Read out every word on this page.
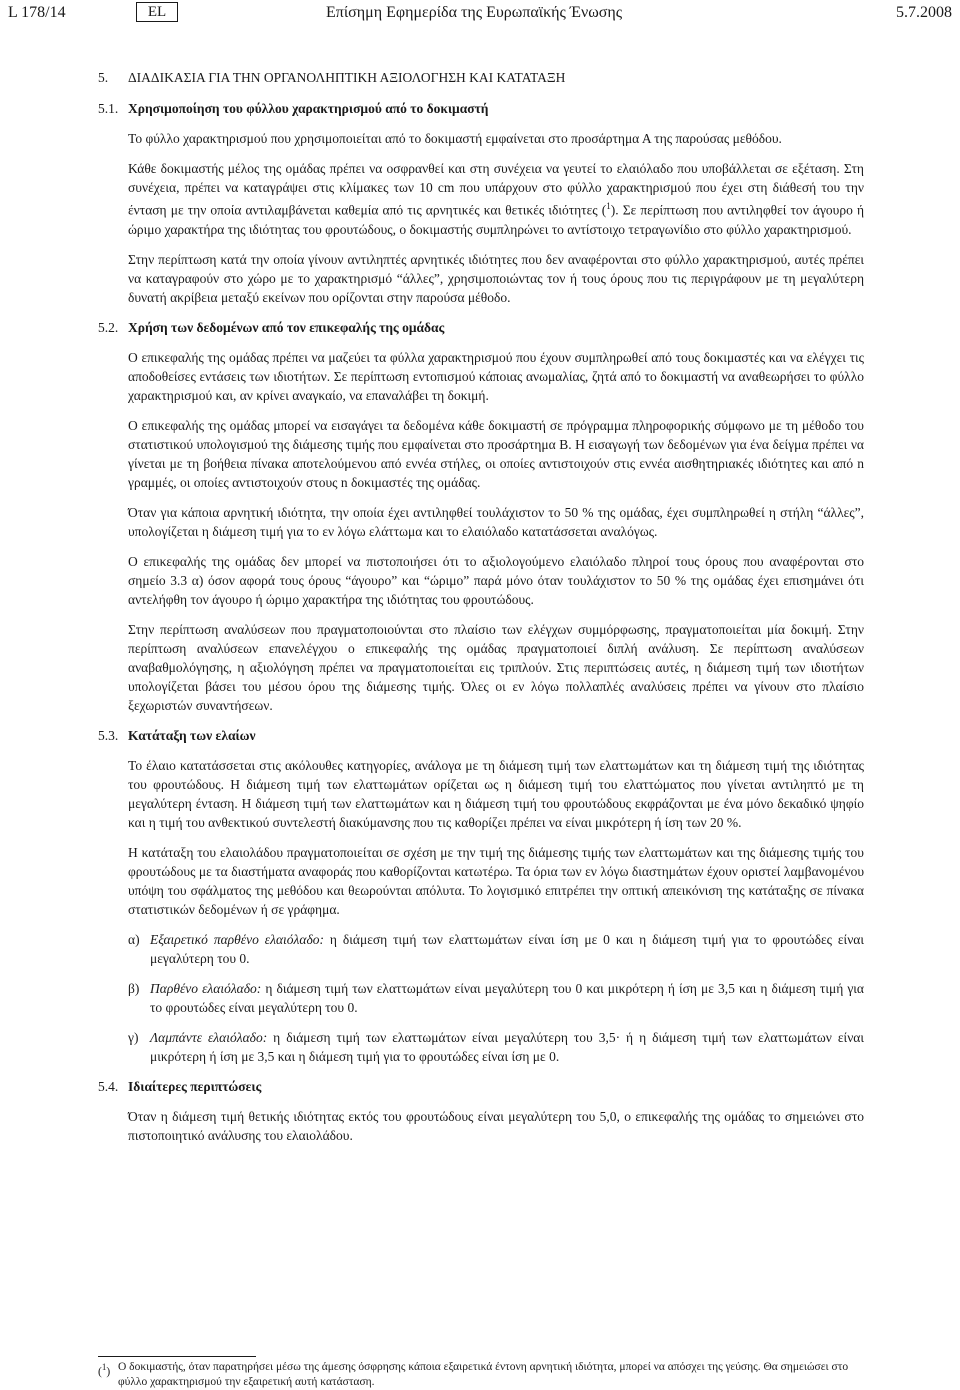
L 178/14	EL	Επίσημη Εφημερίδα της Ευρωπαϊκής Ένωσης	5.7.2008
5.	ΔΙΑΔΙΚΑΣΙΑ ΓΙΑ ΤΗΝ ΟΡΓΑΝΟΛΗΠΤΙΚΗ ΑΞΙΟΛΟΓΗΣΗ ΚΑΙ ΚΑΤΑΤΑΞΗ
5.1. Χρησιμοποίηση του φύλλου χαρακτηρισμού από το δοκιμαστή
Το φύλλο χαρακτηρισμού που χρησιμοποιείται από το δοκιμαστή εμφαίνεται στο προσάρτημα Α της παρούσας μεθόδου.
Κάθε δοκιμαστής μέλος της ομάδας πρέπει να οσφρανθεί και στη συνέχεια να γευτεί το ελαιόλαδο που υποβάλλεται σε εξέταση. Στη συνέχεια, πρέπει να καταγράψει στις κλίμακες των 10 cm που υπάρχουν στο φύλλο χαρακτηρισμού που έχει στη διάθεσή του την ένταση με την οποία αντιλαμβάνεται καθεμία από τις αρνητικές και θετικές ιδιότητες ($^1$). Σε περίπτωση που αντιληφθεί τον άγουρο ή ώριμο χαρακτήρα της ιδιότητας του φρουτώδους, ο δοκιμαστής συμπληρώνει το αντίστοιχο τετραγωνίδιο στο φύλλο χαρακτηρισμού.
Στην περίπτωση κατά την οποία γίνουν αντιληπτές αρνητικές ιδιότητες που δεν αναφέρονται στο φύλλο χαρακτηρισμού, αυτές πρέπει να καταγραφούν στο χώρο με το χαρακτηρισμό “άλλες”, χρησιμοποιώντας τον ή τους όρους που τις περιγράφουν με τη μεγαλύτερη δυνατή ακρίβεια μεταξύ εκείνων που ορίζονται στην παρούσα μέθοδο.
5.2. Χρήση των δεδομένων από τον επικεφαλής της ομάδας
Ο επικεφαλής της ομάδας πρέπει να μαζεύει τα φύλλα χαρακτηρισμού που έχουν συμπληρωθεί από τους δοκιμαστές και να ελέγχει τις αποδοθείσες εντάσεις των ιδιοτήτων. Σε περίπτωση εντοπισμού κάποιας ανωμαλίας, ζητά από το δοκιμαστή να αναθεωρήσει το φύλλο χαρακτηρισμού και, αν κρίνει αναγκαίο, να επαναλάβει τη δοκιμή.
Ο επικεφαλής της ομάδας μπορεί να εισαγάγει τα δεδομένα κάθε δοκιμαστή σε πρόγραμμα πληροφορικής σύμφωνο με τη μέθοδο του στατιστικού υπολογισμού της διάμεσης τιμής που εμφαίνεται στο προσάρτημα Β. Η εισαγωγή των δεδομένων για ένα δείγμα πρέπει να γίνεται με τη βοήθεια πίνακα αποτελούμενου από εννέα στήλες, οι οποίες αντιστοιχούν στις εννέα αισθητηριακές ιδιότητες και από n γραμμές, οι οποίες αντιστοιχούν στους n δοκιμαστές της ομάδας.
Όταν για κάποια αρνητική ιδιότητα, την οποία έχει αντιληφθεί τουλάχιστον το 50 % της ομάδας, έχει συμπληρωθεί η στήλη “άλλες”, υπολογίζεται η διάμεση τιμή για το εν λόγω ελάττωμα και το ελαιόλαδο κατατάσσεται αναλόγως.
Ο επικεφαλής της ομάδας δεν μπορεί να πιστοποιήσει ότι το αξιολογούμενο ελαιόλαδο πληροί τους όρους που αναφέρονται στο σημείο 3.3 α) όσον αφορά τους όρους “άγουρο” και “ώριμο” παρά μόνο όταν τουλάχιστον το 50 % της ομάδας έχει επισημάνει ότι αντελήφθη τον άγουρο ή ώριμο χαρακτήρα της ιδιότητας του φρουτώδους.
Στην περίπτωση αναλύσεων που πραγματοποιούνται στο πλαίσιο των ελέγχων συμμόρφωσης, πραγματοποιείται μία δοκιμή. Στην περίπτωση αναλύσεων επανελέγχου ο επικεφαλής της ομάδας πραγματοποιεί διπλή ανάλυση. Σε περίπτωση αναλύσεων αναβαθμολόγησης, η αξιολόγηση πρέπει να πραγματοποιείται εις τριπλούν. Στις περιπτώσεις αυτές, η διάμεση τιμή των ιδιοτήτων υπολογίζεται βάσει του μέσου όρου της διάμεσης τιμής. Όλες οι εν λόγω πολλαπλές αναλύσεις πρέπει να γίνουν στο πλαίσιο ξεχωριστών συναντήσεων.
5.3. Κατάταξη των ελαίων
Το έλαιο κατατάσσεται στις ακόλουθες κατηγορίες, ανάλογα με τη διάμεση τιμή των ελαττωμάτων και τη διάμεση τιμή της ιδιότητας του φρουτώδους. Η διάμεση τιμή των ελαττωμάτων ορίζεται ως η διάμεση τιμή του ελαττώματος που γίνεται αντιληπτό με τη μεγαλύτερη ένταση. Η διάμεση τιμή των ελαττωμάτων και η διάμεση τιμή του φρουτώδους εκφράζονται με ένα μόνο δεκαδικό ψηφίο και η τιμή του ανθεκτικού συντελεστή διακύμανσης που τις καθορίζει πρέπει να είναι μικρότερη ή ίση των 20 %.
Η κατάταξη του ελαιολάδου πραγματοποιείται σε σχέση με την τιμή της διάμεσης τιμής των ελαττωμάτων και της διάμεσης τιμής του φρουτώδους με τα διαστήματα αναφοράς που καθορίζονται κατωτέρω. Τα όρια των εν λόγω διαστημάτων έχουν οριστεί λαμβανομένου υπόψη του σφάλματος της μεθόδου και θεωρούνται απόλυτα. Το λογισμικό επιτρέπει την οπτική απεικόνιση της κατάταξης σε πίνακα στατιστικών δεδομένων ή σε γράφημα.
α) Εξαιρετικό παρθένο ελαιόλαδο: η διάμεση τιμή των ελαττωμάτων είναι ίση με 0 και η διάμεση τιμή για το φρουτώδες είναι μεγαλύτερη του 0.
β) Παρθένο ελαιόλαδο: η διάμεση τιμή των ελαττωμάτων είναι μεγαλύτερη του 0 και μικρότερη ή ίση με 3,5 και η διάμεση τιμή για το φρουτώδες είναι μεγαλύτερη του 0.
γ) Λαμπάντε ελαιόλαδο: η διάμεση τιμή των ελαττωμάτων είναι μεγαλύτερη του 3,5· ή η διάμεση τιμή των ελαττωμάτων είναι μικρότερη ή ίση με 3,5 και η διάμεση τιμή για το φρουτώδες είναι ίση με 0.
5.4. Ιδιαίτερες περιπτώσεις
Όταν η διάμεση τιμή θετικής ιδιότητας εκτός του φρουτώδους είναι μεγαλύτερη του 5,0, ο επικεφαλής της ομάδας το σημειώνει στο πιστοποιητικό ανάλυσης του ελαιολάδου.
($^1$) Ο δοκιμαστής, όταν παρατηρήσει μέσω της άμεσης όσφρησης κάποια εξαιρετικά έντονη αρνητική ιδιότητα, μπορεί να απόσχει της γεύσης. Θα σημειώσει στο φύλλο χαρακτηρισμού την εξαιρετική αυτή κατάσταση.
